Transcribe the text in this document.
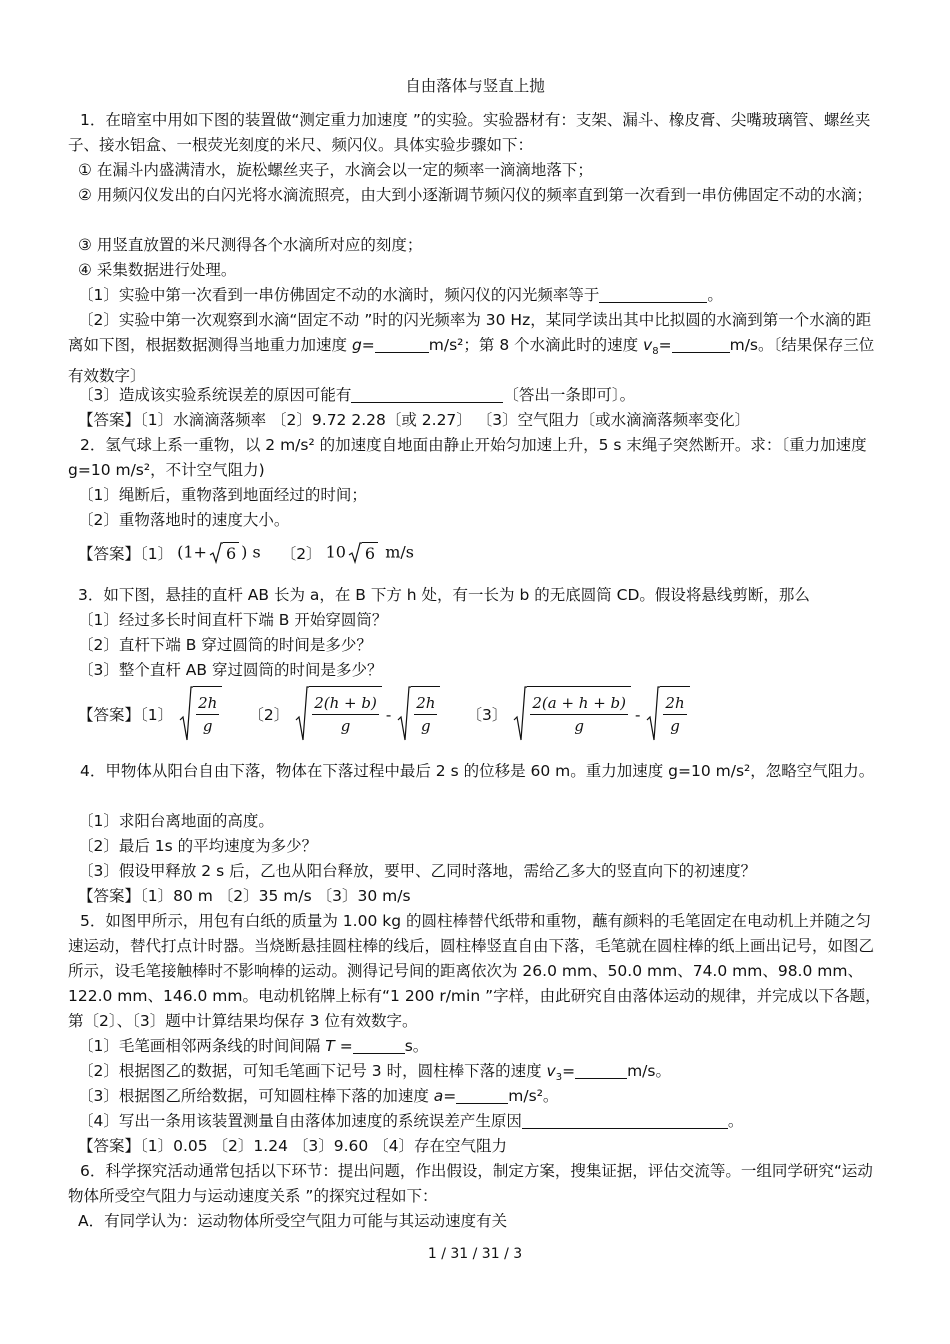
自由落体与竖直上抛
1．在暗室中用如下图的装置做“测定重力加速度 ”的实验。实验器材有：支架、漏斗、橡皮膏、尖嘴玻璃管、螺丝夹子、接水铝盒、一根荧光刻度的米尺、频闪仪。具体实验步骤如下：
① 在漏斗内盛满清水，旋松螺丝夹子，水滴会以一定的频率一滴滴地落下；
② 用频闪仪发出的白闪光将水滴流照亮，由大到小逐渐调节频闪仪的频率直到第一次看到一串仿佛固定不动的水滴；
③ 用竖直放置的米尺测得各个水滴所对应的刻度；
④ 采集数据进行处理。
〔1〕实验中第一次看到一串仿佛固定不动的水滴时，频闪仪的闪光频率等于	。
〔2〕实验中第一次观察到水滴“固定不动 ”时的闪光频率为 30 Hz，某同学读出其中比拟圆的水滴到第一个水滴的距离如下图，根据数据测得当地重力加速度 g=	m/s²；第 8 个水滴此时的速度 $v_8=$	m/s。〔结果保存三位有效数字〕
〔3〕造成该实验系统误差的原因可能有	〔答出一条即可〕。
【答案】〔1〕水滴滴落频率 〔2〕9.72 2.28〔或 2.27〕 〔3〕空气阻力〔或水滴滴落频率变化〕
2．氢气球上系一重物，以 2 m/s² 的加速度自地面由静止开始匀加速上升，5 s 末绳子突然断开。求：〔重力加速度 g=10 m/s²，不计空气阻力)
〔1〕绳断后，重物落到地面经过的时间；
〔2〕重物落地时的速度大小。
【答案】〔1〕 (1+ 6 ) s 〔2〕 10 6 m/s
3．如下图，悬挂的直杆 AB 长为 a，在 B 下方 h 处，有一长为 b 的无底圆筒 CD。假设将悬线剪断，那么
〔1〕经过多长时间直杆下端 B 开始穿圆筒？
〔2〕直杆下端 B 穿过圆筒的时间是多少？
〔3〕整个直杆 AB 穿过圆筒的时间是多少？
【答案】〔1〕 $\frac{2h}{g}$ 〔2〕 $\frac{2(h + b)}{g} - \frac{2h}{g}$ 〔3〕 $\frac{2(a + h + b)}{g} - \frac{2h}{g}$
4．甲物体从阳台自由下落，物体在下落过程中最后 2 s 的位移是 60 m。重力加速度 g=10 m/s²，忽略空气阻力。
〔1〕求阳台离地面的高度。
〔2〕最后 1s 的平均速度为多少？
〔3〕假设甲释放 2 s 后，乙也从阳台释放，要甲、乙同时落地，需给乙多大的竖直向下的初速度？
【答案】〔1〕80 m 〔2〕35 m/s 〔3〕30 m/s
5．如图甲所示，用包有白纸的质量为 1.00 kg 的圆柱棒替代纸带和重物，蘸有颜料的毛笔固定在电动机上并随之匀速运动，替代打点计时器。当烧断悬挂圆柱棒的线后，圆柱棒竖直自由下落，毛笔就在圆柱棒的纸上画出记号，如图乙所示，设毛笔接触棒时不影响棒的运动。测得记号间的距离依次为 26.0 mm、50.0 mm、74.0 mm、98.0 mm、122.0 mm、146.0 mm。电动机铭牌上标有“1 200 r/min ”字样，由此研究自由落体运动的规律，并完成以下各题，第〔2〕、〔3〕题中计算结果均保存 3 位有效数字。
〔1〕毛笔画相邻两条线的时间间隔 T =	s。
〔2〕根据图乙的数据，可知毛笔画下记号 3 时，圆柱棒下落的速度 $v_3=$	m/s。
〔3〕根据图乙所给数据，可知圆柱棒下落的加速度 a=	m/s²。
〔4〕写出一条用该装置测量自由落体加速度的系统误差产生原因	。
【答案】〔1〕0.05 〔2〕1.24 〔3〕9.60 〔4〕存在空气阻力
6．科学探究活动通常包括以下环节：提出问题，作出假设，制定方案，搜集证据，评估交流等。一组同学研究“运动物体所受空气阻力与运动速度关系 ”的探究过程如下：
A．有同学认为：运动物体所受空气阻力可能与其运动速度有关
1 / 31 / 31 / 3
